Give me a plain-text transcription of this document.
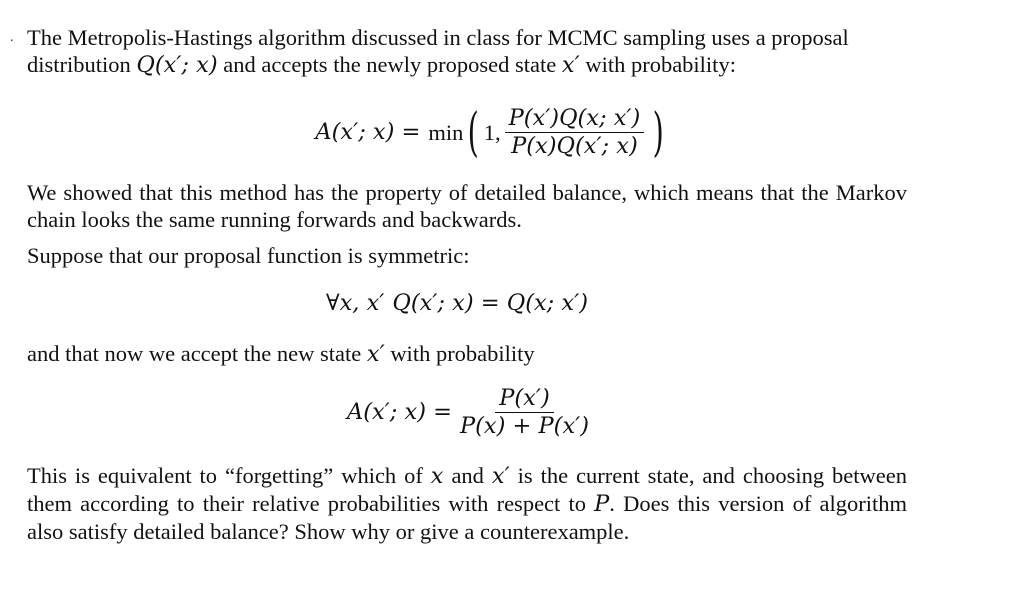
. The Metropolis-Hastings algorithm discussed in class for MCMC sampling uses a proposal
distribution Q(x′; x) and accepts the newly proposed state x′ with probability:

A(x′; x) = min ( 1, $\frac{P(x')Q(x; x')}{P(x)Q(x'; x)}$ )

We showed that this method has the property of detailed balance, which means that the Markov chain looks the same running forwards and backwards.

Suppose that our proposal function is symmetric:

∀x, x′ Q(x′; x) = Q(x; x′)

and that now we accept the new state x′ with probability

A(x′; $x) = \frac{P(x')}{P(x) + P(x')}$

This is equivalent to “forgetting” which of x and x′ is the current state, and choosing between them according to their relative probabilities with respect to P. Does this version of algorithm also satisfy detailed balance? Show why or give a counterexample.
